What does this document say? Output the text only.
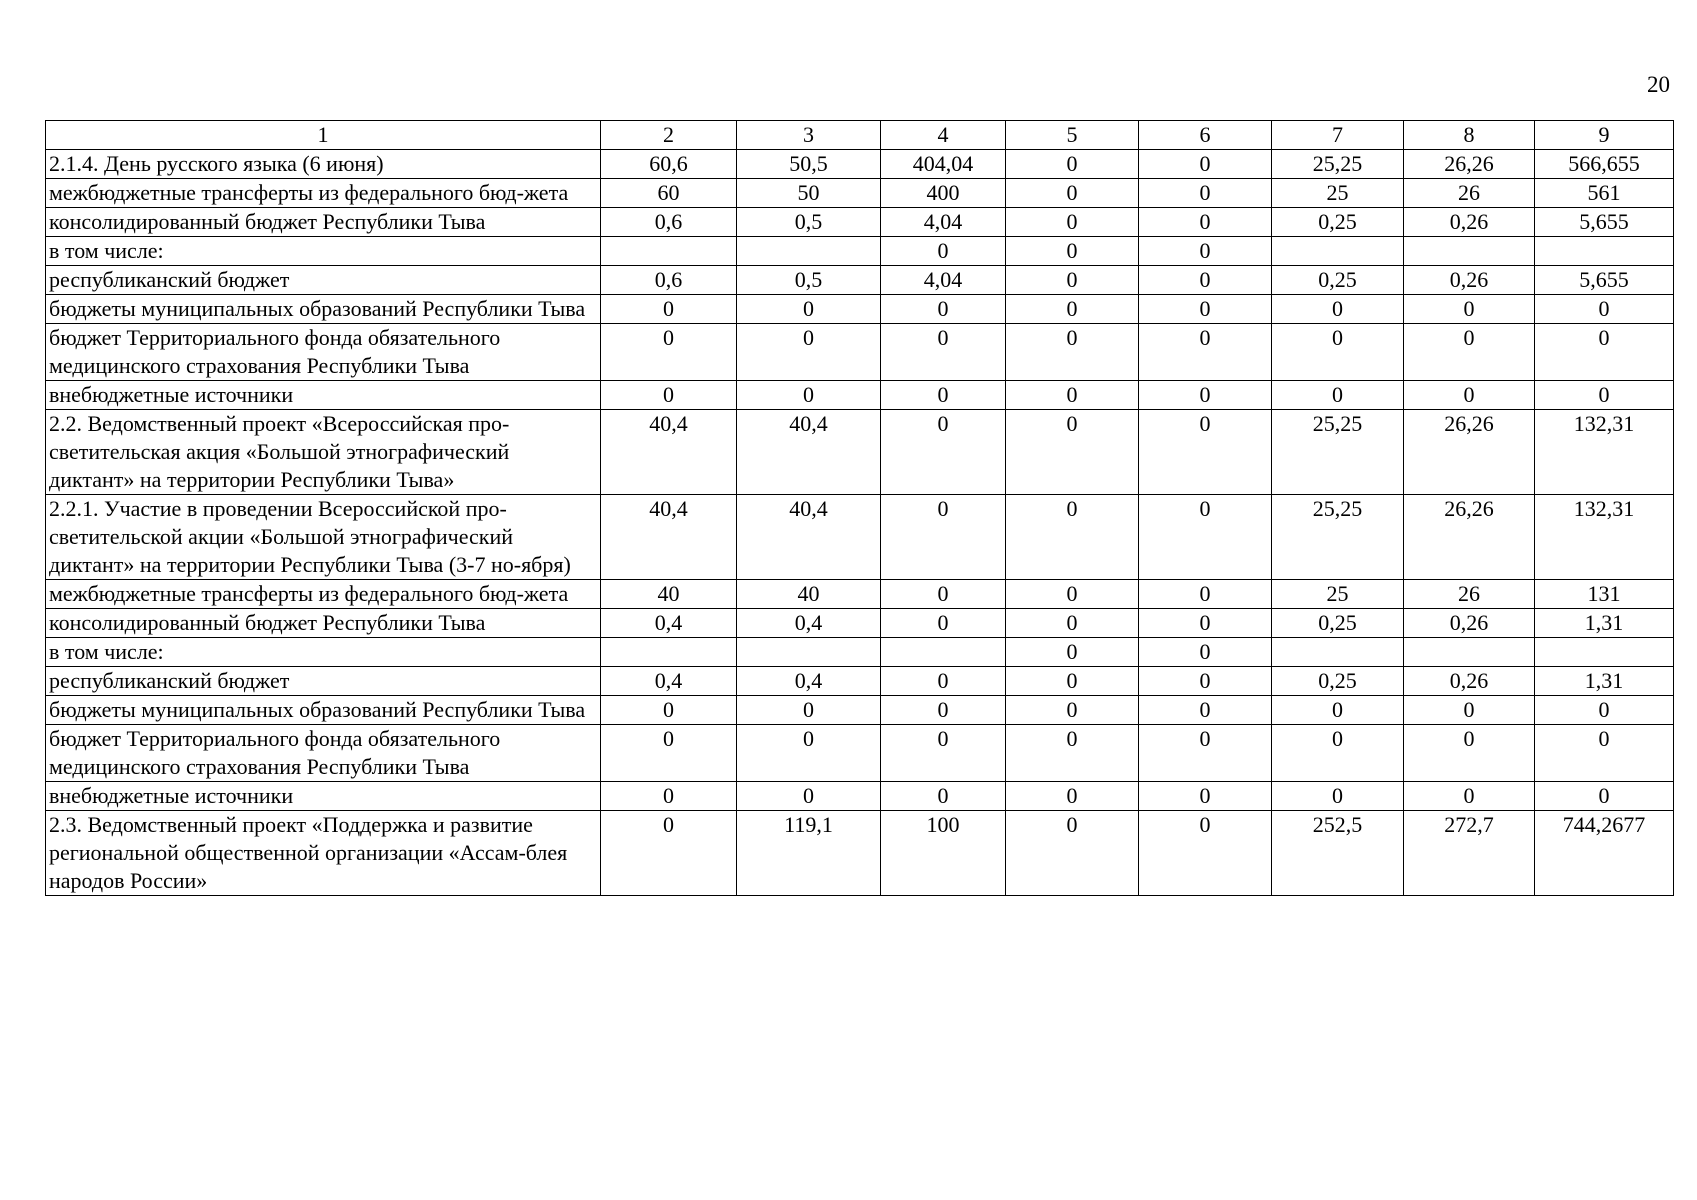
20
1	2	3	4	5	6	7	8	9
2.1.4. День русского языка (6 июня)	60,6	50,5	404,04	0	0	25,25	26,26	566,655
межбюджетные трансферты из федерального бюд-жета	60	50	400	0	0	25	26	561
консолидированный бюджет Республики Тыва	0,6	0,5	4,04	0	0	0,25	0,26	5,655
в том числе:			0	0	0			
республиканский бюджет	0,6	0,5	4,04	0	0	0,25	0,26	5,655
бюджеты муниципальных образований Республики Тыва	0	0	0	0	0	0	0	0
бюджет Территориального фонда обязательного медицинского страхования Республики Тыва	0	0	0	0	0	0	0	0
внебюджетные источники	0	0	0	0	0	0	0	0
2.2. Ведомственный проект «Всероссийская про-светительская акция «Большой этнографический диктант» на территории Республики Тыва»	40,4	40,4	0	0	0	25,25	26,26	132,31
2.2.1. Участие в проведении Всероссийской про-светительской акции «Большой этнографический диктант» на территории Республики Тыва (3-7 но-ября)	40,4	40,4	0	0	0	25,25	26,26	132,31
межбюджетные трансферты из федерального бюд-жета	40	40	0	0	0	25	26	131
консолидированный бюджет Республики Тыва	0,4	0,4	0	0	0	0,25	0,26	1,31
в том числе:				0	0			
республиканский бюджет	0,4	0,4	0	0	0	0,25	0,26	1,31
бюджеты муниципальных образований Республики Тыва	0	0	0	0	0	0	0	0
бюджет Территориального фонда обязательного медицинского страхования Республики Тыва	0	0	0	0	0	0	0	0
внебюджетные источники	0	0	0	0	0	0	0	0
2.3. Ведомственный проект «Поддержка и развитие региональной общественной организации «Ассам-блея народов России»	0	119,1	100	0	0	252,5	272,7	744,2677
